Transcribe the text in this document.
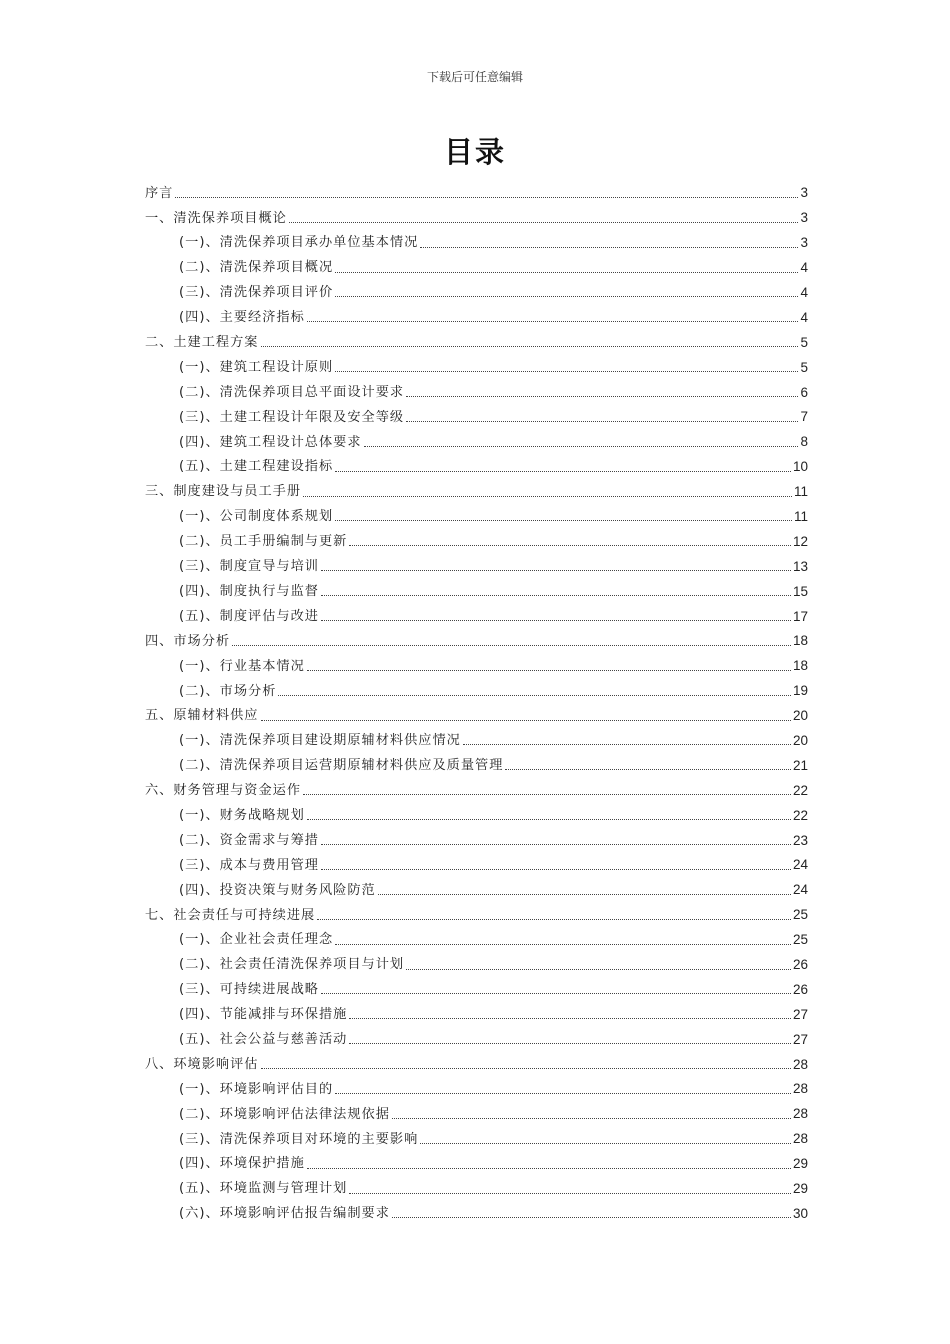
下载后可任意编辑
目录
序言	3
一、清洗保养项目概论	3
(一)、清洗保养项目承办单位基本情况	3
(二)、清洗保养项目概况	4
(三)、清洗保养项目评价	4
(四)、主要经济指标	4
二、土建工程方案	5
(一)、建筑工程设计原则	5
(二)、清洗保养项目总平面设计要求	6
(三)、土建工程设计年限及安全等级	7
(四)、建筑工程设计总体要求	8
(五)、土建工程建设指标	10
三、制度建设与员工手册	11
(一)、公司制度体系规划	11
(二)、员工手册编制与更新	12
(三)、制度宣导与培训	13
(四)、制度执行与监督	15
(五)、制度评估与改进	17
四、市场分析	18
(一)、行业基本情况	18
(二)、市场分析	19
五、原辅材料供应	20
(一)、清洗保养项目建设期原辅材料供应情况	20
(二)、清洗保养项目运营期原辅材料供应及质量管理	21
六、财务管理与资金运作	22
(一)、财务战略规划	22
(二)、资金需求与筹措	23
(三)、成本与费用管理	24
(四)、投资决策与财务风险防范	24
七、社会责任与可持续进展	25
(一)、企业社会责任理念	25
(二)、社会责任清洗保养项目与计划	26
(三)、可持续进展战略	26
(四)、节能减排与环保措施	27
(五)、社会公益与慈善活动	27
八、环境影响评估	28
(一)、环境影响评估目的	28
(二)、环境影响评估法律法规依据	28
(三)、清洗保养项目对环境的主要影响	28
(四)、环境保护措施	29
(五)、环境监测与管理计划	29
(六)、环境影响评估报告编制要求	30
